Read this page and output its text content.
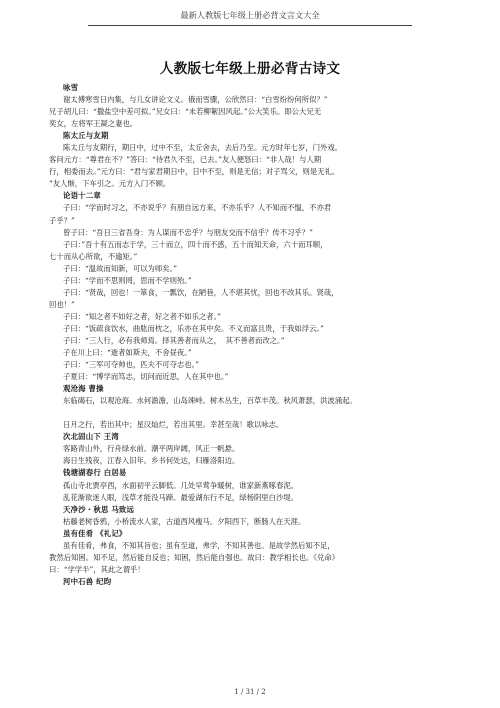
最新人教版七年级上册必背文言文大全
人教版七年级上册必背古诗文

咏雪

谢太傅寒雪日内集，与儿女讲论文义。俄而雪骤，公欣然曰：“白雪纷纷何所似？”

兄子胡儿曰：“撒盐空中差可拟。”兄女曰：“未若柳絮因风起。”公大笑乐。即公大兄无

奕女，左将军王凝之妻也。

陈太丘与友期

陈太丘与友期行，期日中，过中不至，太丘舍去，去后乃至。元方时年七岁，门外戏。

客问元方：“尊君在不？”答曰：“待君久不至，已去。”友人便怒曰：“非人哉！与人期

行，相委而去。”元方曰：“君与家君期日中，日中不至，则是无信；对子骂父，则是无礼。

”友人惭，下车引之。元方入门不顾。

论语十二章

子曰：“学而时习之，不亦说乎？有朋自远方来，不亦乐乎？人不知而不愠，不亦君

子乎？”

曾子曰：“吾日三省吾身：为人谋而不忠乎？与朋友交而不信乎？传不习乎？”

子曰：”吾十有五而志于学，三十而立，四十而不惑，五十而知天命，六十而耳顺，

七十而从心所欲，不逾矩。”

子曰：“温故而知新，可以为师矣。”

子曰：“学而不思则罔，思而不学则殆。”

子曰：“贤哉，回也！一箪食，一瓢饮，在陋巷，人不堪其忧，回也不改其乐。贤哉，

回也！”

子曰：“知之者不如好之者，好之者不如乐之者。”

子曰：“饭疏食饮水，曲肱而枕之，乐亦在其中矣。不义而富且贵，于我如浮云。”

子曰：“三人行，必有我师焉。择其善者而从之，  其不善者而改之。”

子在川上曰：“逝者如斯夫，不舍昼夜。”

子曰：“三军可夺帅也，匹夫不可夺志也。”

子夏曰：“博学而笃志，切问而近思，人在其中也。”

观沧海 曹操

东临碣石，以观沧海。水何澹澹，山岛竦峙。树木丛生，百草丰茂。秋风萧瑟，洪波涌起。

日月之行，若出其中；星汉灿烂，若出其里。幸甚至哉！歌以咏志。

次北固山下 王湾

客路青山外，行舟绿水前。潮平两岸阔，风正一帆悬。

海日生残夜，江春入旧年。乡书何处达，归雁洛阳边。

钱塘湖春行 白居易

孤山寺北贾亭西，水面初平云脚低。几处早莺争暖树，谁家新燕啄春泥。

乱花渐欲迷人眼，浅草才能没马蹄。最爱湖东行不足，绿杨阴里白沙堤。

天净沙・秋思 马致远

枯藤老树昏鸦，小桥流水人家，古道西风瘦马。夕阳西下，断肠人在天涯。

虽有佳肴 《礼记》

虽有佳肴，弗食，不知其旨也；虽有至道，弗学，不知其善也。是故学然后知不足，

教然后知困。知不足，然后能自反也；知困，然后能自强也。故曰：教学相长也。《兑命》

曰：“学学半”，其此之谓乎！

河中石兽 纪昀

1 / 31 / 2
